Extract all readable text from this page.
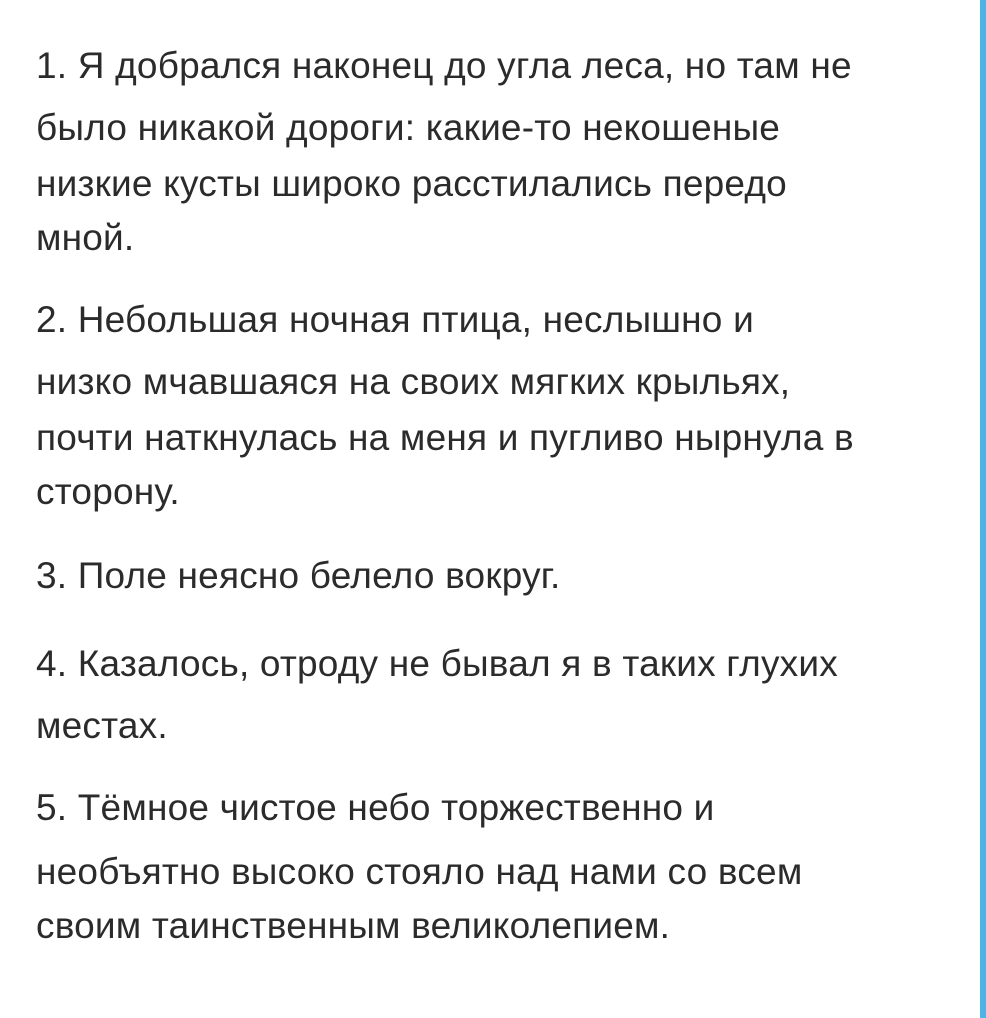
1. Я добрался наконец до угла леса, но там не
было никакой дороги: какие-то некошеные
низкие кусты широко расстилались передо
мной.
2. Небольшая ночная птица, неслышно и
низко мчавшаяся на своих мягких крыльях,
почти наткнулась на меня и пугливо нырнула в
сторону.
3. Поле неясно белело вокруг.
4. Казалось, отроду не бывал я в таких глухих
местах.
5. Тёмное чистое небо торжественно и
необъятно высоко стояло над нами со всем
своим таинственным великолепием.
